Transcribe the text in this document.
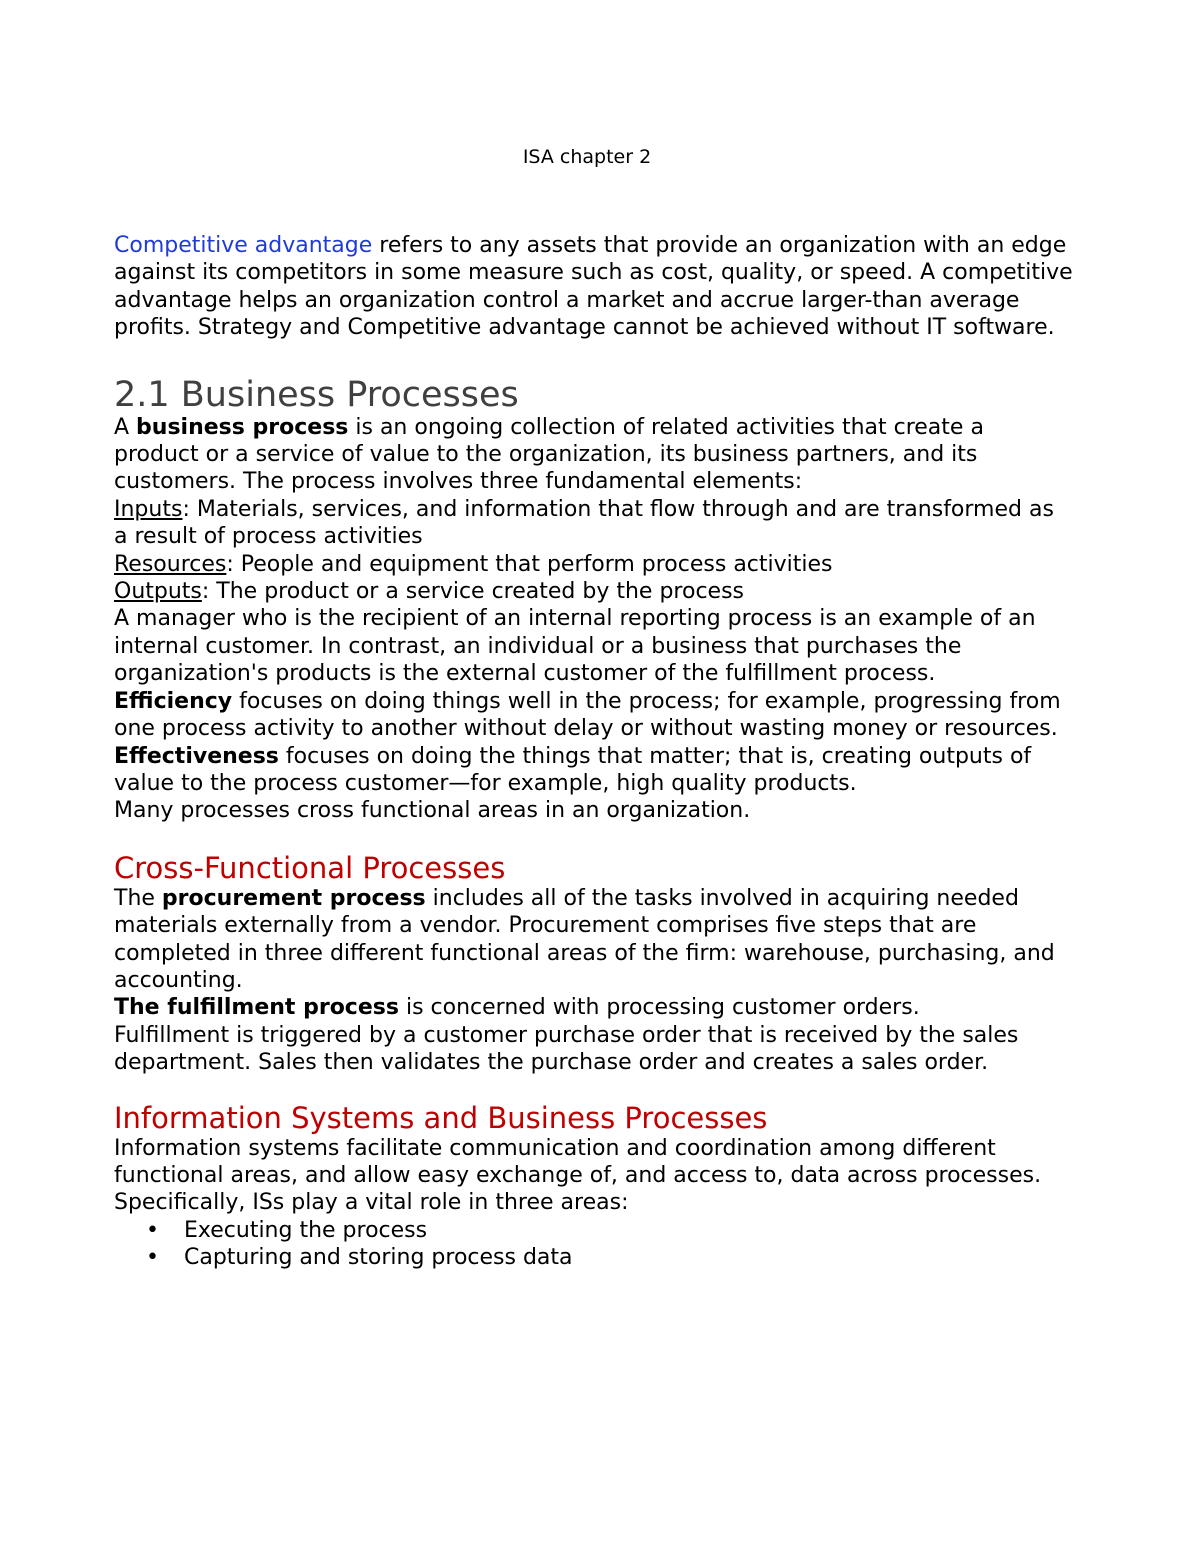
ISA chapter 2

Competitive advantage refers to any assets that provide an organization with an edge against its competitors in some measure such as cost, quality, or speed. A competitive advantage helps an organization control a market and accrue larger-than average profits. Strategy and Competitive advantage cannot be achieved without IT software.

2.1 Business Processes

A business process is an ongoing collection of related activities that create a product or a service of value to the organization, its business partners, and its customers. The process involves three fundamental elements:

Inputs: Materials, services, and information that flow through and are transformed as a result of process activities

Resources: People and equipment that perform process activities

Outputs: The product or a service created by the process

A manager who is the recipient of an internal reporting process is an example of an internal customer. In contrast, an individual or a business that purchases the organization's products is the external customer of the fulfillment process.

Efficiency focuses on doing things well in the process; for example, progressing from one process activity to another without delay or without wasting money or resources.

Effectiveness focuses on doing the things that matter; that is, creating outputs of value to the process customer—for example, high quality products.

Many processes cross functional areas in an organization.

Cross-Functional Processes

The procurement process includes all of the tasks involved in acquiring needed

materials externally from a vendor. Procurement comprises five steps that are completed in three different functional areas of the firm: warehouse, purchasing, and accounting.

The fulfillment process is concerned with processing customer orders.

Fulfillment is triggered by a customer purchase order that is received by the sales

department. Sales then validates the purchase order and creates a sales order.

Information Systems and Business Processes

Information systems facilitate communication and coordination among different functional areas, and allow easy exchange of, and access to, data across processes. Specifically, ISs play a vital role in three areas:

• Executing the process
• Capturing and storing process data
